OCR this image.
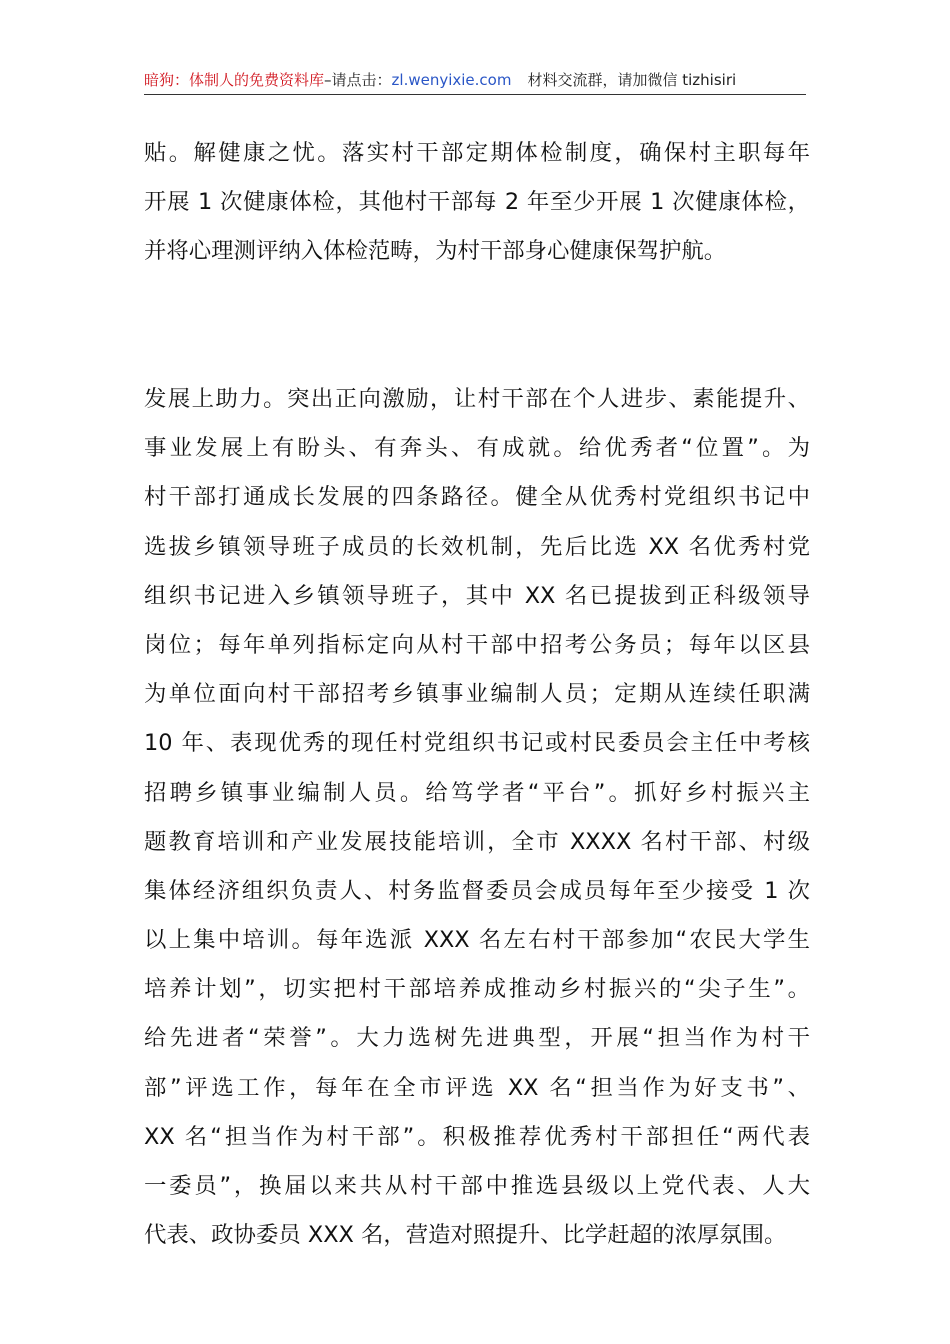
暗狗：体制人的免费资料库–请点击：zl.wenyixie.com 材料交流群，请加微信 tizhisiri
贴。解健康之忧。落实村干部定期体检制度，确保村主职每年
开展 1 次健康体检，其他村干部每 2 年至少开展 1 次健康体检，
并将心理测评纳入体检范畴，为村干部身心健康保驾护航。
发展上助力。突出正向激励，让村干部在个人进步、素能提升、
事业发展上有盼头、有奔头、有成就。给优秀者“位置”。为
村干部打通成长发展的四条路径。健全从优秀村党组织书记中
选拔乡镇领导班子成员的长效机制，先后比选 XX 名优秀村党
组织书记进入乡镇领导班子，其中 XX 名已提拔到正科级领导
岗位；每年单列指标定向从村干部中招考公务员；每年以区县
为单位面向村干部招考乡镇事业编制人员；定期从连续任职满
10 年、表现优秀的现任村党组织书记或村民委员会主任中考核
招聘乡镇事业编制人员。给笃学者“平台”。抓好乡村振兴主
题教育培训和产业发展技能培训，全市 XXXX 名村干部、村级
集体经济组织负责人、村务监督委员会成员每年至少接受 1 次
以上集中培训。每年选派 XXX 名左右村干部参加“农民大学生
培养计划”，切实把村干部培养成推动乡村振兴的“尖子生”。
给先进者“荣誉”。大力选树先进典型，开展“担当作为村干
部”评选工作，每年在全市评选 XX 名“担当作为好支书”、
XX 名“担当作为村干部”。积极推荐优秀村干部担任“两代表
一委员”，换届以来共从村干部中推选县级以上党代表、人大
代表、政协委员 XXX 名，营造对照提升、比学赶超的浓厚氛围。
